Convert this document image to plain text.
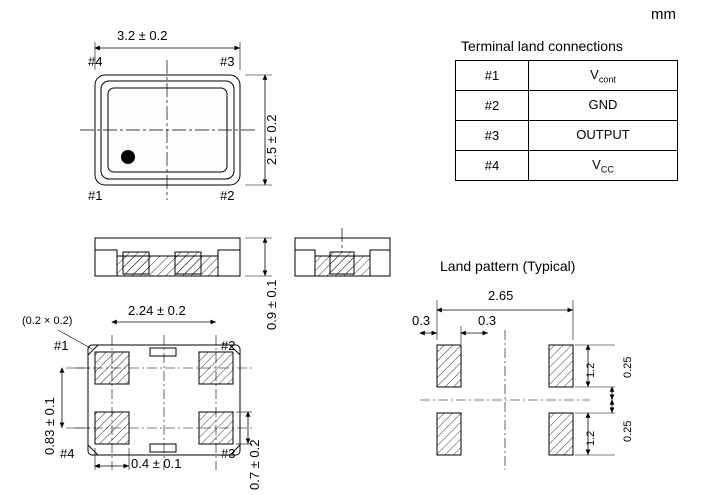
mm
3.2 ± 0.2
2.5 ± 0.2
#4	#3
#1	#2
0.9 ± 0.1
(0.2 × 0.2)
#1	#2
#4	#3
2.24 ± 0.2
0.83 ± 0.1
0.4 ± 0.1	0.7 ± 0.2
Land pattern (Typical)
2.65
0.3	0.3
1.2
1.2
0.25
0.25
Terminal land connections
#1	$V_{cont}$
#2	GND
#3	OUTPUT
#4	$V_{CC}$
